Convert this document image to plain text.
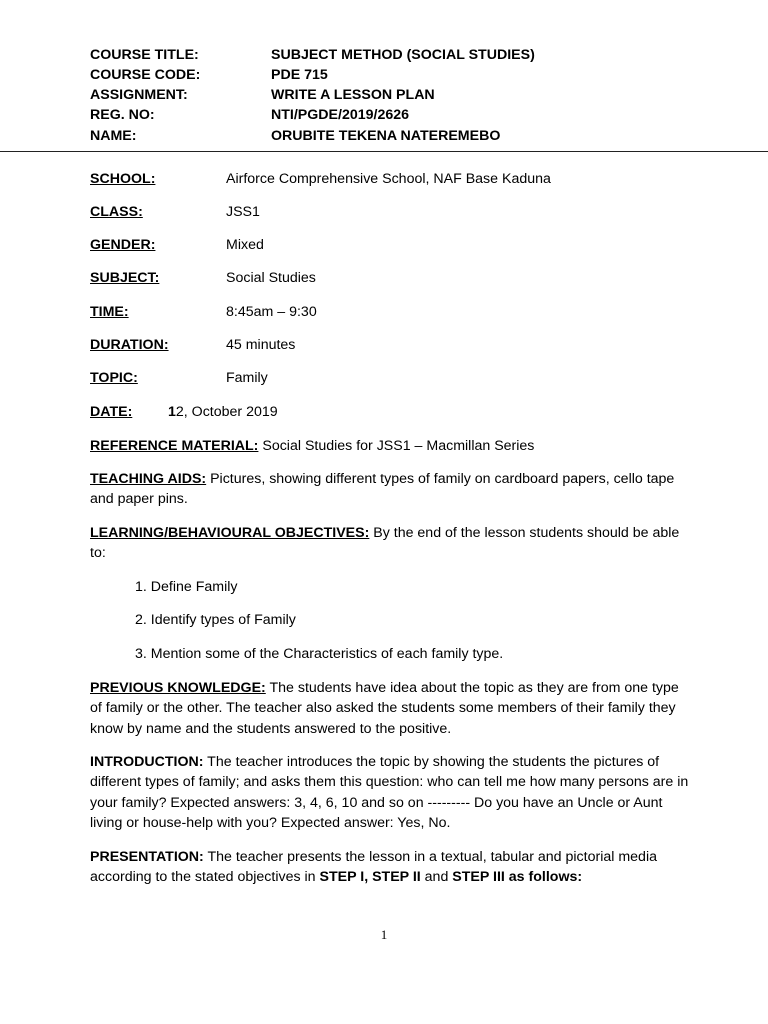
COURSE TITLE:	SUBJECT METHOD (SOCIAL STUDIES)
COURSE CODE:	PDE 715
ASSIGNMENT:	WRITE A LESSON PLAN
REG. NO:	NTI/PGDE/2019/2626
NAME:	ORUBITE TEKENA NATEREMEBO
SCHOOL:	Airforce Comprehensive School, NAF Base Kaduna
CLASS:	JSS1
GENDER:	Mixed
SUBJECT:	Social Studies
TIME:	8:45am – 9:30
DURATION:	45 minutes
TOPIC:	Family
DATE:	12, October 2019
REFERENCE MATERIAL: Social Studies for JSS1 – Macmillan Series
TEACHING AIDS: Pictures, showing different types of family on cardboard papers, cello tape and paper pins.
LEARNING/BEHAVIOURAL OBJECTIVES: By the end of the lesson students should be able to:
1. Define Family
2. Identify types of Family
3. Mention some of the Characteristics of each family type.
PREVIOUS KNOWLEDGE: The students have idea about the topic as they are from one type of family or the other. The teacher also asked the students some members of their family they know by name and the students answered to the positive.
INTRODUCTION: The teacher introduces the topic by showing the students the pictures of different types of family; and asks them this question: who can tell me how many persons are in your family? Expected answers: 3, 4, 6, 10 and so on --------- Do you have an Uncle or Aunt living or house-help with you? Expected answer: Yes, No.
PRESENTATION: The teacher presents the lesson in a textual, tabular and pictorial media according to the stated objectives in STEP I, STEP II and STEP III as follows:
1
